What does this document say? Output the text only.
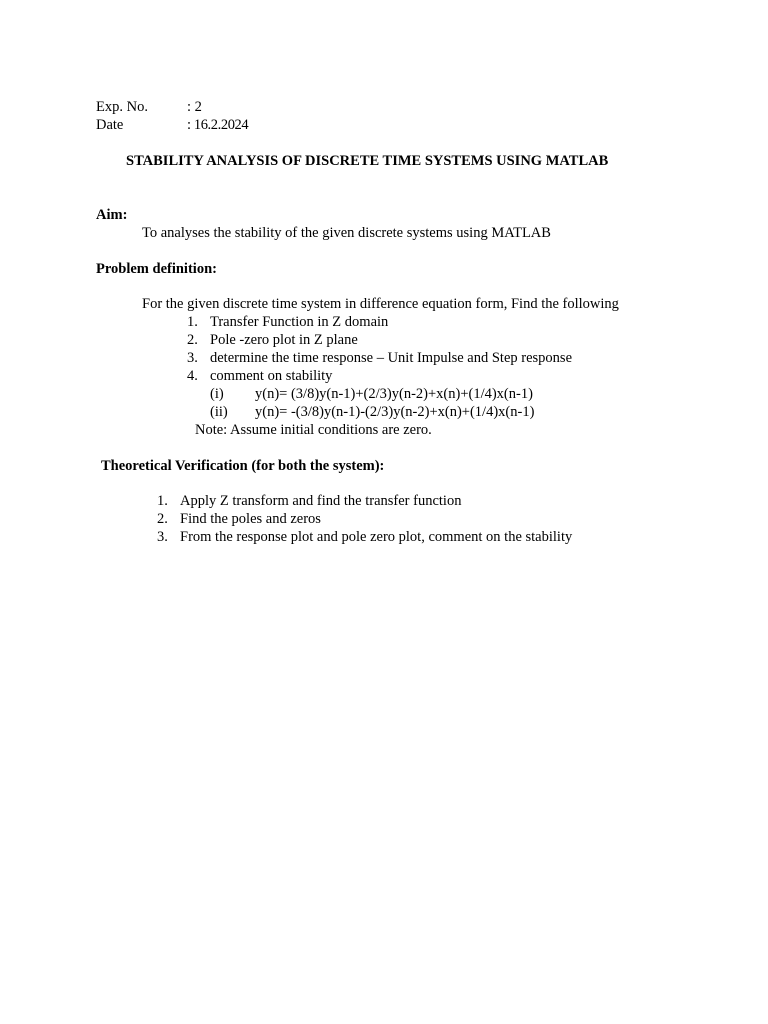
Exp. No.	: 2
Date	: 16.2.2024
STABILITY ANALYSIS OF DISCRETE TIME SYSTEMS USING MATLAB
Aim:
To analyses the stability of the given discrete systems using MATLAB
Problem definition:
For the given discrete time system in difference equation form, Find the following
1. Transfer Function in Z domain
2. Pole -zero plot in Z plane
3. determine the time response – Unit Impulse and Step response
4. comment on stability
(i) y(n)= (3/8)y(n-1)+(2/3)y(n-2)+x(n)+(1/4)x(n-1)
(ii) y(n)= -(3/8)y(n-1)-(2/3)y(n-2)+x(n)+(1/4)x(n-1)
Note: Assume initial conditions are zero.
Theoretical Verification (for both the system):
1. Apply Z transform and find the transfer function
2. Find the poles and zeros
3. From the response plot and pole zero plot, comment on the stability
